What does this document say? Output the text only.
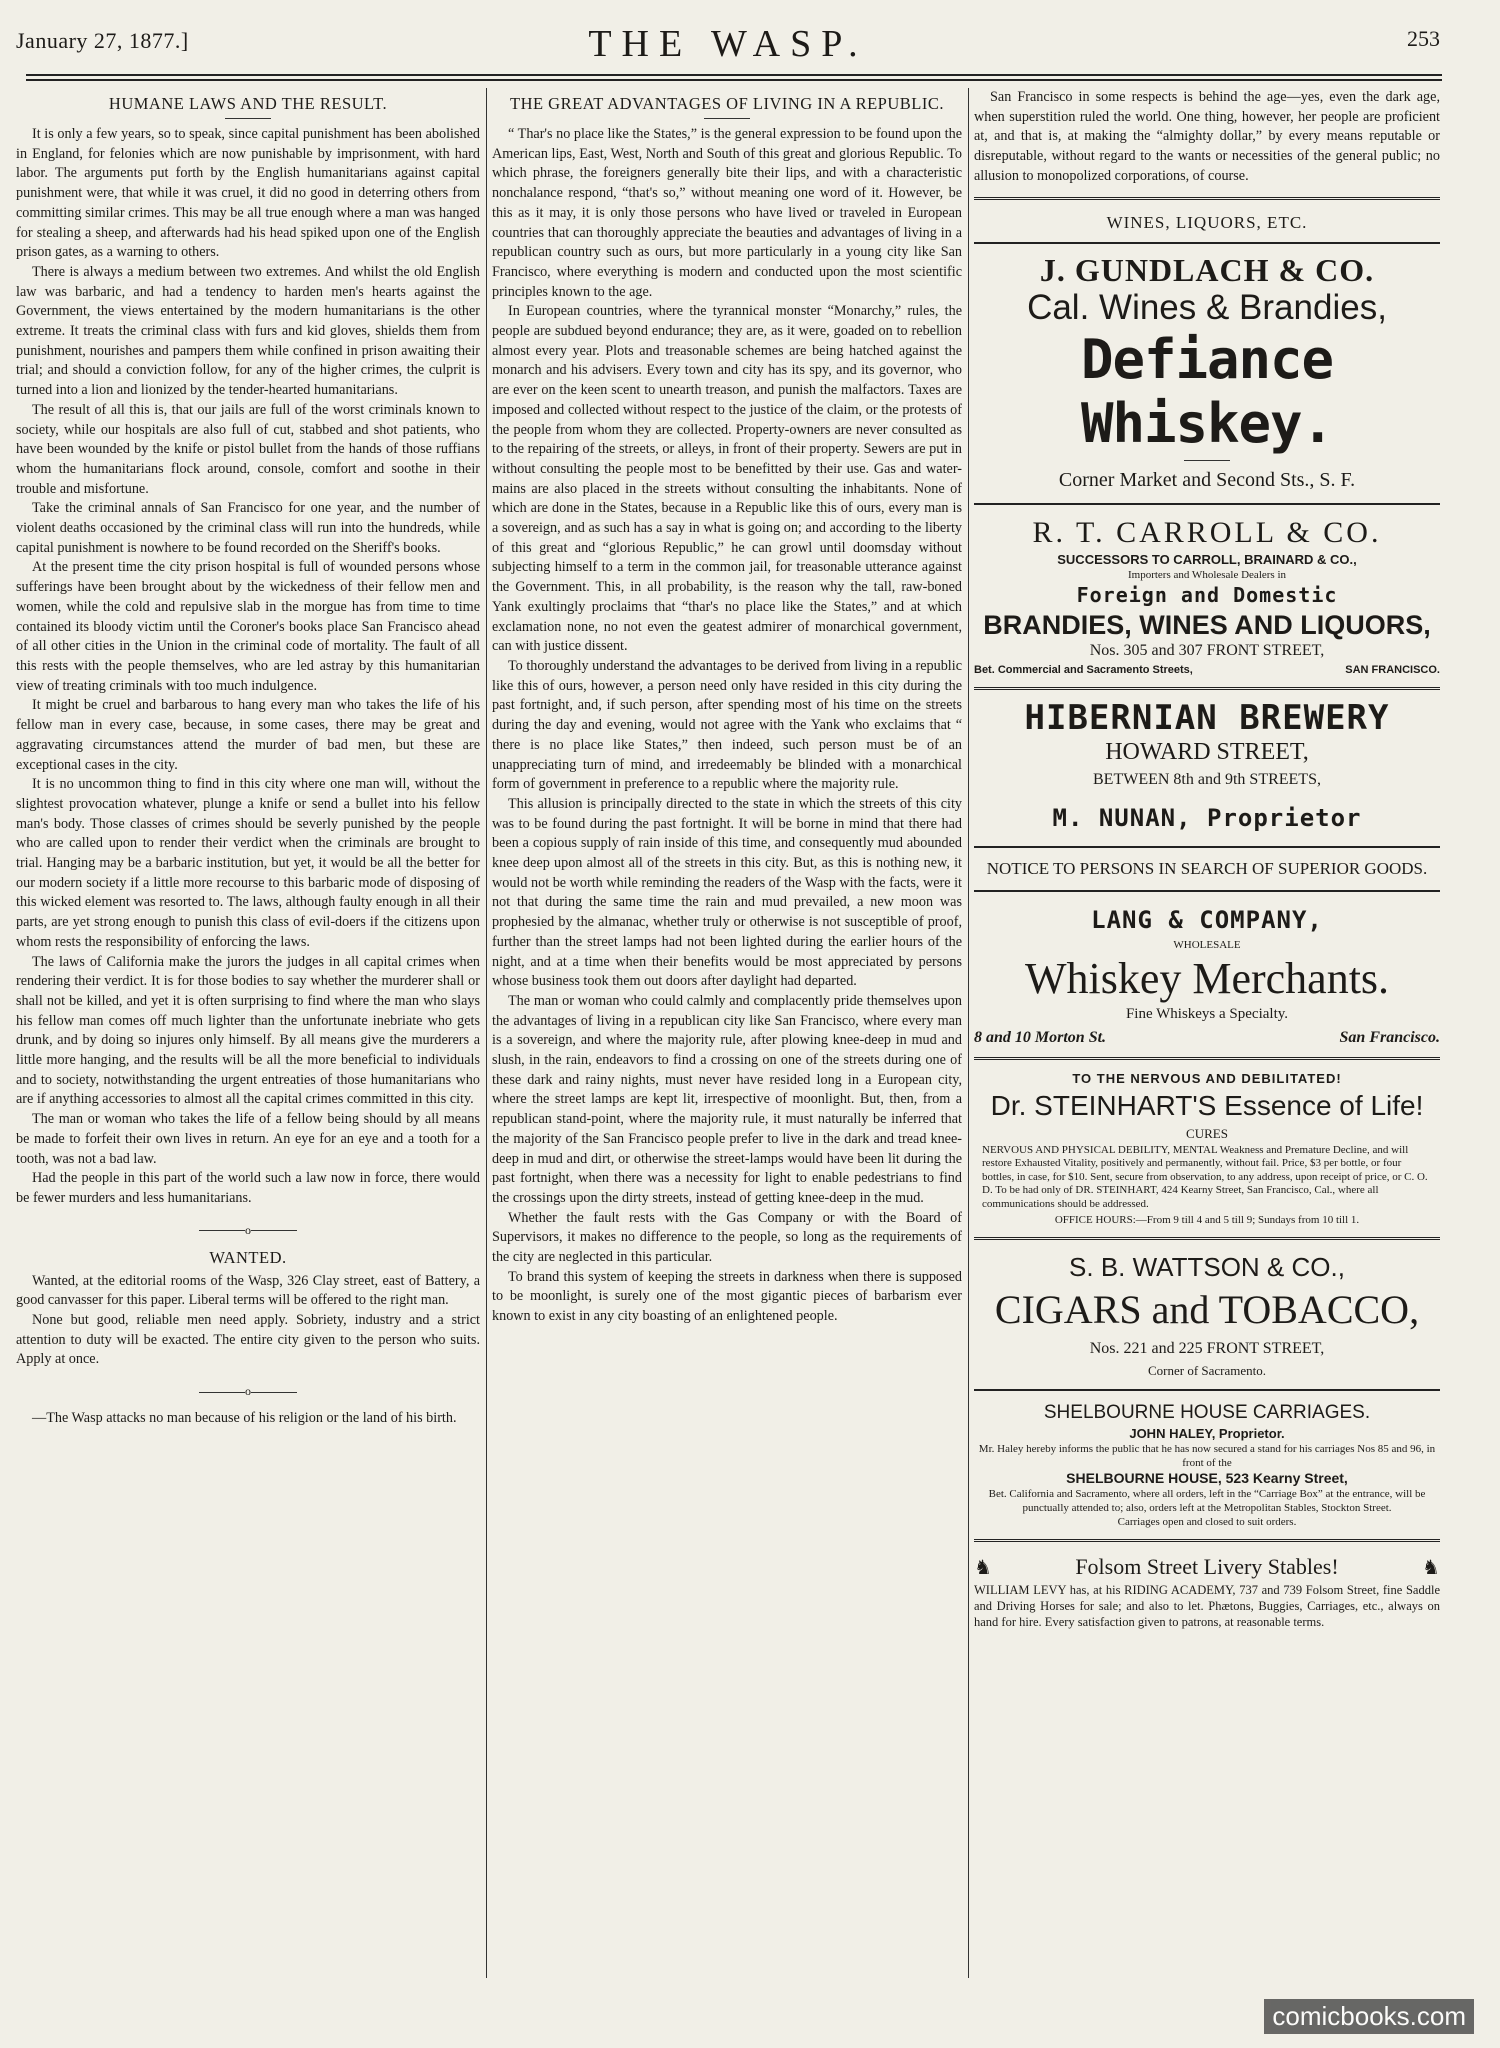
January 27, 1877.]	THE WASP.	253
HUMANE LAWS AND THE RESULT.

It is only a few years, so to speak, since capital punishment has been abolished in England, for felonies which are now punishable by imprisonment, with hard labor. The arguments put forth by the English humanitarians against capital punishment were, that while it was cruel, it did no good in deterring others from committing similar crimes. This may be all true enough where a man was hanged for stealing a sheep, and afterwards had his head spiked upon one of the English prison gates, as a warning to others.

There is always a medium between two extremes. And whilst the old English law was barbaric, and had a tendency to harden men's hearts against the Government, the views entertained by the modern humanitarians is the other extreme. It treats the criminal class with furs and kid gloves, shields them from punishment, nourishes and pampers them while confined in prison awaiting their trial; and should a conviction follow, for any of the higher crimes, the culprit is turned into a lion and lionized by the tender-hearted humanitarians.

The result of all this is, that our jails are full of the worst criminals known to society, while our hospitals are also full of cut, stabbed and shot patients, who have been wounded by the knife or pistol bullet from the hands of those ruffians whom the humanitarians flock around, console, comfort and soothe in their trouble and misfortune.

Take the criminal annals of San Francisco for one year, and the number of violent deaths occasioned by the criminal class will run into the hundreds, while capital punishment is nowhere to be found recorded on the Sheriff's books.

At the present time the city prison hospital is full of wounded persons whose sufferings have been brought about by the wickedness of their fellow men and women, while the cold and repulsive slab in the morgue has from time to time contained its bloody victim until the Coroner's books place San Francisco ahead of all other cities in the Union in the criminal code of mortality. The fault of all this rests with the people themselves, who are led astray by this humanitarian view of treating criminals with too much indulgence.

It might be cruel and barbarous to hang every man who takes the life of his fellow man in every case, because, in some cases, there may be great and aggravating circumstances attend the murder of bad men, but these are exceptional cases in the city.

It is no uncommon thing to find in this city where one man will, without the slightest provocation whatever, plunge a knife or send a bullet into his fellow man's body. Those classes of crimes should be severly punished by the people who are called upon to render their verdict when the criminals are brought to trial. Hanging may be a barbaric institution, but yet, it would be all the better for our modern society if a little more recourse to this barbaric mode of disposing of this wicked element was resorted to. The laws, although faulty enough in all their parts, are yet strong enough to punish this class of evil-doers if the citizens upon whom rests the responsibility of enforcing the laws.

The laws of California make the jurors the judges in all capital crimes when rendering their verdict. It is for those bodies to say whether the murderer shall or shall not be killed, and yet it is often surprising to find where the man who slays his fellow man comes off much lighter than the unfortunate inebriate who gets drunk, and by doing so injures only himself. By all means give the murderers a little more hanging, and the results will be all the more beneficial to individuals and to society, notwithstanding the urgent entreaties of those humanitarians who are if anything accessories to almost all the capital crimes committed in this city.

The man or woman who takes the life of a fellow being should by all means be made to forfeit their own lives in return. An eye for an eye and a tooth for a tooth, was not a bad law.

Had the people in this part of the world such a law now in force, there would be fewer murders and less humanitarians.

o
WANTED.

Wanted, at the editorial rooms of the Wasp, 326 Clay street, east of Battery, a good canvasser for this paper. Liberal terms will be offered to the right man.

None but good, reliable men need apply. Sobriety, industry and a strict attention to duty will be exacted. The entire city given to the person who suits. Apply at once.

o

—The Wasp attacks no man because of his religion or the land of his birth.

THE GREAT ADVANTAGES OF LIVING IN A REPUBLIC.

“ Thar's no place like the States,” is the general expression to be found upon the American lips, East, West, North and South of this great and glorious Republic. To which phrase, the foreigners generally bite their lips, and with a characteristic nonchalance respond, “that's so,” without meaning one word of it. However, be this as it may, it is only those persons who have lived or traveled in European countries that can thoroughly appreciate the beauties and advantages of living in a republican country such as ours, but more particularly in a young city like San Francisco, where everything is modern and conducted upon the most scientific principles known to the age.

In European countries, where the tyrannical monster “Monarchy,” rules, the people are subdued beyond endurance; they are, as it were, goaded on to rebellion almost every year. Plots and treasonable schemes are being hatched against the monarch and his advisers. Every town and city has its spy, and its governor, who are ever on the keen scent to unearth treason, and punish the malfactors. Taxes are imposed and collected without respect to the justice of the claim, or the protests of the people from whom they are collected. Property-owners are never consulted as to the repairing of the streets, or alleys, in front of their property. Sewers are put in without consulting the people most to be benefitted by their use. Gas and water-mains are also placed in the streets without consulting the inhabitants. None of which are done in the States, because in a Republic like this of ours, every man is a sovereign, and as such has a say in what is going on; and according to the liberty of this great and “glorious Republic,” he can growl until doomsday without subjecting himself to a term in the common jail, for treasonable utterance against the Government. This, in all probability, is the reason why the tall, raw-boned Yank exultingly proclaims that “thar's no place like the States,” and at which exclamation none, no not even the geatest admirer of monarchical government, can with justice dissent.

To thoroughly understand the advantages to be derived from living in a republic like this of ours, however, a person need only have resided in this city during the past fortnight, and, if such person, after spending most of his time on the streets during the day and evening, would not agree with the Yank who exclaims that “ there is no place like States,” then indeed, such person must be of an unappreciating turn of mind, and irredeemably be blinded with a monarchical form of government in preference to a republic where the majority rule.

This allusion is principally directed to the state in which the streets of this city was to be found during the past fortnight. It will be borne in mind that there had been a copious supply of rain inside of this time, and consequently mud abounded knee deep upon almost all of the streets in this city. But, as this is nothing new, it would not be worth while reminding the readers of the Wasp with the facts, were it not that during the same time the rain and mud prevailed, a new moon was prophesied by the almanac, whether truly or otherwise is not susceptible of proof, further than the street lamps had not been lighted during the earlier hours of the night, and at a time when their benefits would be most appreciated by persons whose business took them out doors after daylight had departed.

The man or woman who could calmly and complacently pride themselves upon the advantages of living in a republican city like San Francisco, where every man is a sovereign, and where the majority rule, after plowing knee-deep in mud and slush, in the rain, endeavors to find a crossing on one of the streets during one of these dark and rainy nights, must never have resided long in a European city, where the street lamps are kept lit, irrespective of moonlight. But, then, from a republican stand-point, where the majority rule, it must naturally be inferred that the majority of the San Francisco people prefer to live in the dark and tread knee-deep in mud and dirt, or otherwise the street-lamps would have been lit during the past fortnight, when there was a necessity for light to enable pedestrians to find the crossings upon the dirty streets, instead of getting knee-deep in the mud.

Whether the fault rests with the Gas Company or with the Board of Supervisors, it makes no difference to the people, so long as the requirements of the city are neglected in this particular.

To brand this system of keeping the streets in darkness when there is supposed to be moonlight, is surely one of the most gigantic pieces of barbarism ever known to exist in any city boasting of an enlightened people.

San Francisco in some respects is behind the age—yes, even the dark age, when superstition ruled the world. One thing, however, her people are proficient at, and that is, at making the “almighty dollar,” by every means reputable or disreputable, without regard to the wants or necessities of the general public; no allusion to monopolized corporations, of course.

WINES, LIQUORS, ETC.
J. GUNDLACH & CO.
Cal. Wines & Brandies,
Defiance Whiskey.
Corner Market and Second Sts., S. F.
R. T. CARROLL & CO.
SUCCESSORS TO CARROLL, BRAINARD & CO.,
Importers and Wholesale Dealers in
Foreign and Domestic
BRANDIES, WINES AND LIQUORS,
Nos. 305 and 307 FRONT STREET,
Bet. Commercial and Sacramento Streets,	SAN FRANCISCO.
HIBERNIAN BREWERY
HOWARD STREET,
BETWEEN 8th and 9th STREETS,
M. NUNAN, Proprietor
NOTICE TO PERSONS IN SEARCH OF SUPERIOR GOODS.
LANG & COMPANY,
WHOLESALE
Whiskey Merchants.
Fine Whiskeys a Specialty.
8 and 10 Morton St.	San Francisco.
TO THE NERVOUS AND DEBILITATED!
Dr. STEINHART'S Essence of Life!
CURES
NERVOUS AND PHYSICAL DEBILITY, MENTAL Weakness and Premature Decline, and will restore Exhausted Vitality, positively and permanently, without fail. Price, $3 per bottle, or four bottles, in case, for $10. Sent, secure from observation, to any address, upon receipt of price, or C. O. D. To be had only of DR. STEINHART, 424 Kearny Street, San Francisco, Cal., where all communications should be addressed.
OFFICE HOURS:—From 9 till 4 and 5 till 9; Sundays from 10 till 1.
S. B. WATTSON & CO.,
CIGARS and TOBACCO,
Nos. 221 and 225 FRONT STREET,
Corner of Sacramento.
SHELBOURNE HOUSE CARRIAGES.
JOHN HALEY, Proprietor.
Mr. Haley hereby informs the public that he has now secured a stand for his carriages Nos 85 and 96, in front of the
SHELBOURNE HOUSE, 523 Kearny Street,
Bet. California and Sacramento, where all orders, left in the “Carriage Box” at the entrance, will be punctually attended to; also, orders left at the Metropolitan Stables, Stockton Street.
Carriages open and closed to suit orders.
♞	Folsom Street Livery Stables!	♞
WILLIAM LEVY has, at his RIDING ACADEMY, 737 and 739 Folsom Street, fine Saddle and Driving Horses for sale; and also to let. Phætons, Buggies, Carriages, etc., always on hand for hire. Every satisfaction given to patrons, at reasonable terms.
comicbooks.com
